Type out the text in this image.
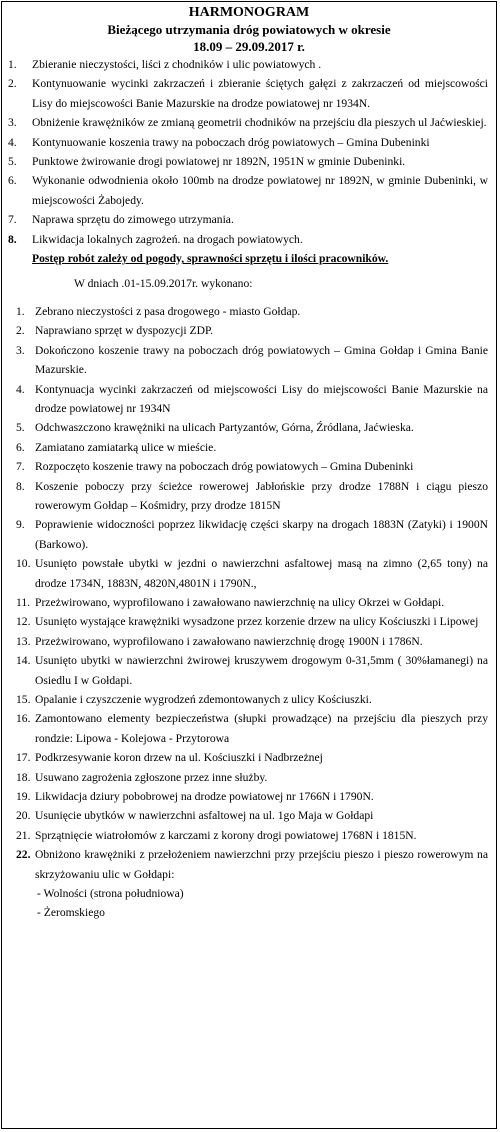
HARMONOGRAM
Bieżącego utrzymania dróg powiatowych w okresie
18.09 – 29.09.2017 r.
1. Zbieranie nieczystości, liści z chodników i ulic powiatowych .
2. Kontynuowanie wycinki zakrzaczeń i zbieranie ściętych gałęzi z zakrzaczeń od miejscowości Lisy do miejscowości Banie Mazurskie na drodze powiatowej nr 1934N.
3. Obniżenie krawężników ze zmianą geometrii chodników na przejściu dla pieszych ul Jaćwieskiej.
4. Kontynuowanie koszenia trawy na poboczach dróg powiatowych – Gmina Dubeninki
5. Punktowe żwirowanie drogi powiatowej nr 1892N, 1951N w gminie Dubeninki.
6. Wykonanie odwodnienia około 100mb na drodze powiatowej nr 1892N, w gminie Dubeninki, w miejscowości Żabojedy.
7. Naprawa sprzętu do zimowego utrzymania.
8. Likwidacja lokalnych zagrożeń. na drogach powiatowych.
Postęp robót zależy od pogody, sprawności sprzętu i ilości pracowników.
W dniach .01-15.09.2017r. wykonano:
1. Zebrano nieczystości z pasa drogowego - miasto Gołdap.
2. Naprawiano sprzęt w dyspozycji ZDP.
3. Dokończono koszenie trawy na poboczach dróg powiatowych – Gmina Gołdap i Gmina Banie Mazurskie.
4. Kontynuacja wycinki zakrzaczeń od miejscowości Lisy do miejscowości Banie Mazurskie na drodze powiatowej nr 1934N
5. Odchwaszczono krawężniki na ulicach Partyzantów, Górna, Źródlana, Jaćwieska.
6. Zamiatano zamiatarką ulice w mieście.
7. Rozpoczęto koszenie trawy na poboczach dróg powiatowych – Gmina Dubeninki
8. Koszenie poboczy przy ścieżce rowerowej Jabłońskie przy drodze 1788N i ciągu pieszo rowerowym Gołdap – Kośmidry, przy drodze 1815N
9. Poprawienie widoczności poprzez likwidację części skarpy na drogach 1883N (Zatyki) i 1900N (Barkowo).
10. Usunięto powstałe ubytki w jezdni o nawierzchni asfaltowej masą na zimno (2,65 tony) na drodze 1734N, 1883N, 4820N,4801N i 1790N.,
11. Przeżwirowano, wyprofilowano i zawałowano nawierzchnię na ulicy Okrzei w Gołdapi.
12. Usunięto wystające krawężniki wysadzone przez korzenie drzew na ulicy Kościuszki i Lipowej
13. Przeżwirowano, wyprofilowano i zawałowano nawierzchnię drogę 1900N i 1786N.
14. Usunięto ubytki w nawierzchni żwirowej kruszywem drogowym 0-31,5mm ( 30%łamanegi) na Osiedlu I w Gołdapi.
15. Opalanie i czyszczenie wygrodzeń zdemontowanych z ulicy Kościuszki.
16. Zamontowano elementy bezpieczeństwa (słupki prowadzące) na przejściu dla pieszych przy rondzie: Lipowa - Kolejowa - Przytorowa
17. Podkrzesywanie koron drzew na ul. Kościuszki i Nadbrzeżnej
18. Usuwano zagrożenia zgłoszone przez inne służby.
19. Likwidacja dziury pobobrowej na drodze powiatowej nr 1766N i 1790N.
20. Usunięcie ubytków w nawierzchni asfaltowej na ul. 1go Maja w Gołdapi
21. Sprzątnięcie wiatrołomów z karczami z korony drogi powiatowej 1768N i 1815N.
22. Obniżono krawężniki z przełożeniem nawierzchni przy przejściu pieszo i pieszo rowerowym na skrzyżowaniu ulic w Gołdapi:
- Wolności (strona południowa)
- Żeromskiego
